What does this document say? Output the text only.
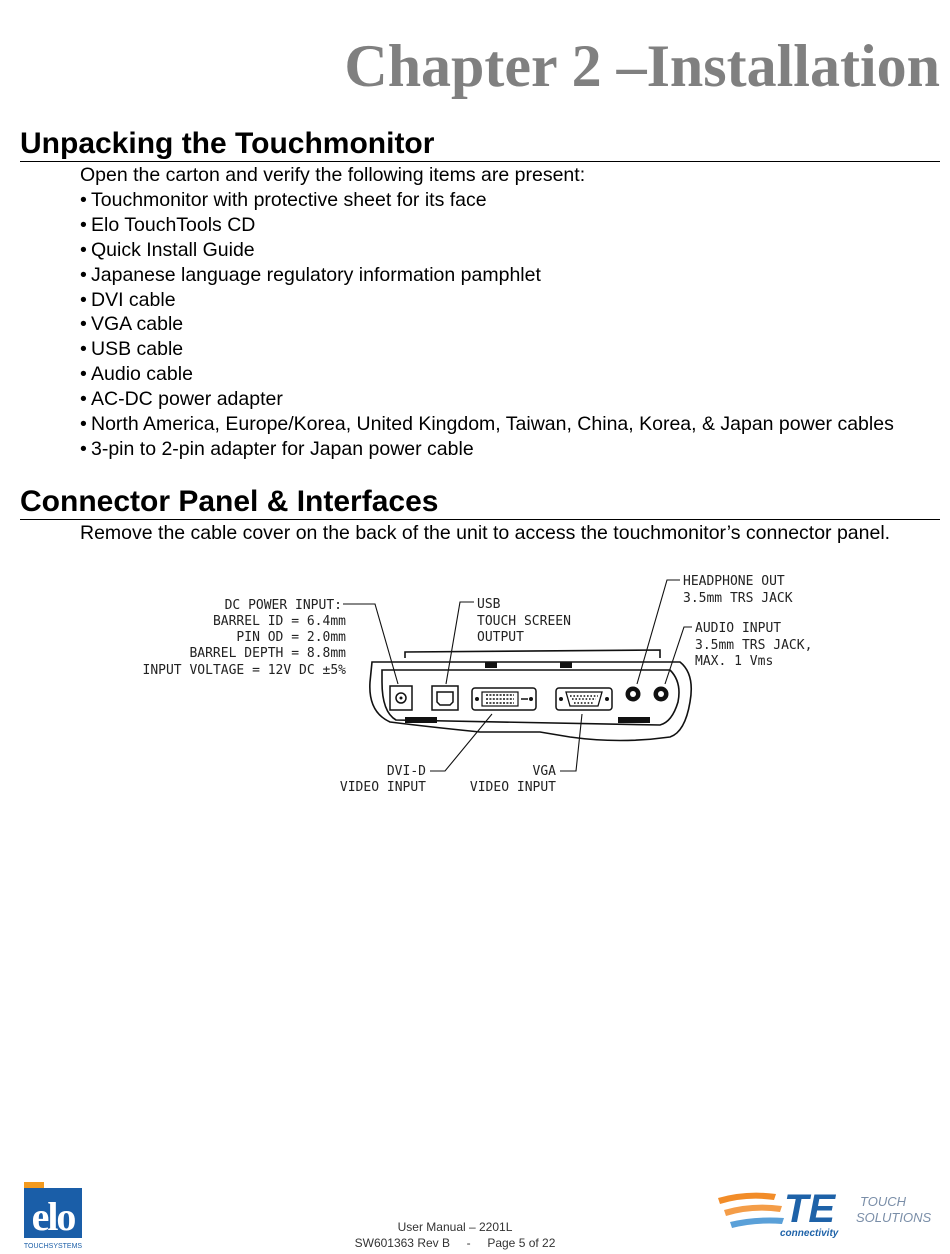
Chapter 2 –Installation
Unpacking the Touchmonitor

Open the carton and verify the following items are present:

• Touchmonitor with protective sheet for its face
• Elo TouchTools CD
• Quick Install Guide
• Japanese language regulatory information pamphlet
• DVI cable
• VGA cable
• USB cable
• Audio cable
• AC-DC power adapter
• North America, Europe/Korea, United Kingdom, Taiwan, China, Korea, & Japan power cables
• 3-pin to 2-pin adapter for Japan power cable
Connector Panel & Interfaces

Remove the cable cover on the back of the unit to access the touchmonitor’s connector panel.

DC POWER INPUT:
BARREL ID = 6.4mm
PIN OD = 2.0mm
BARREL DEPTH = 8.8mm
INPUT VOLTAGE = 12V DC ±5%
USB
TOUCH SCREEN
OUTPUT
HEADPHONE OUT
3.5mm TRS JACK
AUDIO INPUT
3.5mm TRS JACK,
MAX. 1 Vms
DVI-D
VIDEO INPUT
VGA
VIDEO INPUT
elo
TOUCHSYSTEMS
TE
connectivity
TOUCH
SOLUTIONS

User Manual – 2201L

SW601363 Rev B     -     Page 5 of 22
